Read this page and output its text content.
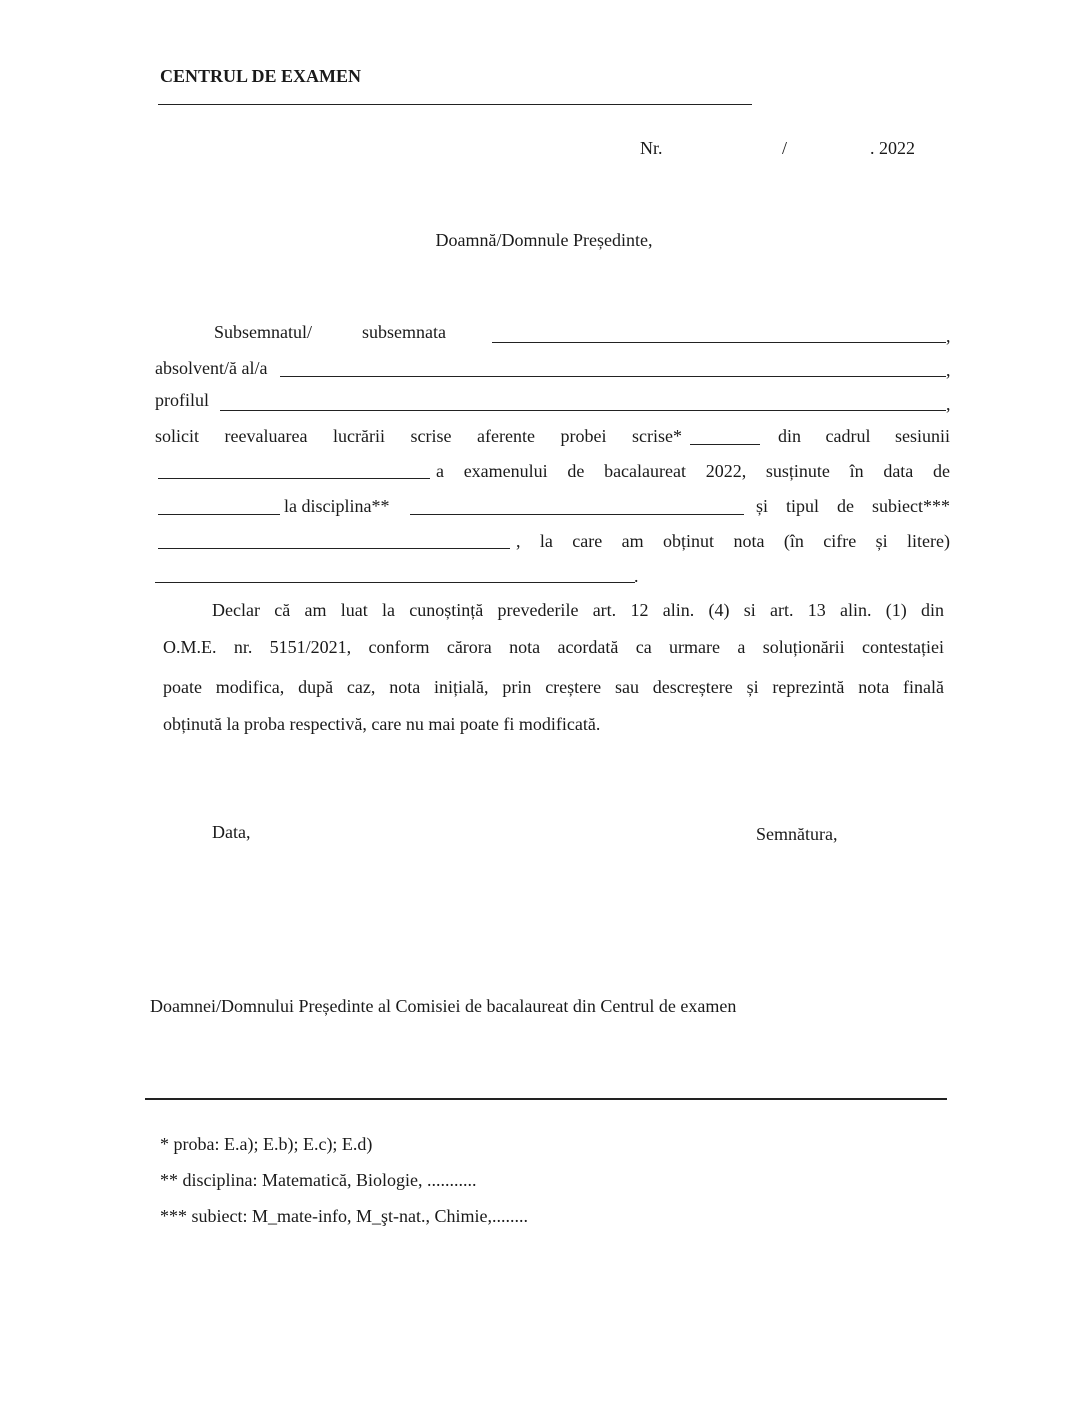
CENTRUL DE EXAMEN
Nr.	/	. 2022
Doamnă/Domnule Președinte,
Subsemnatul/	subsemnata	,
absolvent/ă al/a	,
profilul	,
solicit reevaluarea lucrării scrise aferente probei scrise*	din cadrul sesiunii
a examenului de bacalaureat 2022, susținute în data de
la disciplina**	și tipul de subiect***
, la care am obținut nota (în cifre și litere)
.
Declar că am luat la cunoștință prevederile art. 12 alin. (4) si art. 13 alin. (1) din
O.M.E. nr. 5151/2021, conform cărora nota acordată ca urmare a soluționării contestației
poate modifica, după caz, nota inițială, prin creștere sau descreștere și reprezintă nota finală
obținută la proba respectivă, care nu mai poate fi modificată.
Data,	Semnătura,
Doamnei/Domnului Președinte al Comisiei de bacalaureat din Centrul de examen
* proba: E.a); E.b); E.c); E.d)
** disciplina: Matematică, Biologie, ...........
*** subiect: M_mate-info, M_şt-nat., Chimie,........
